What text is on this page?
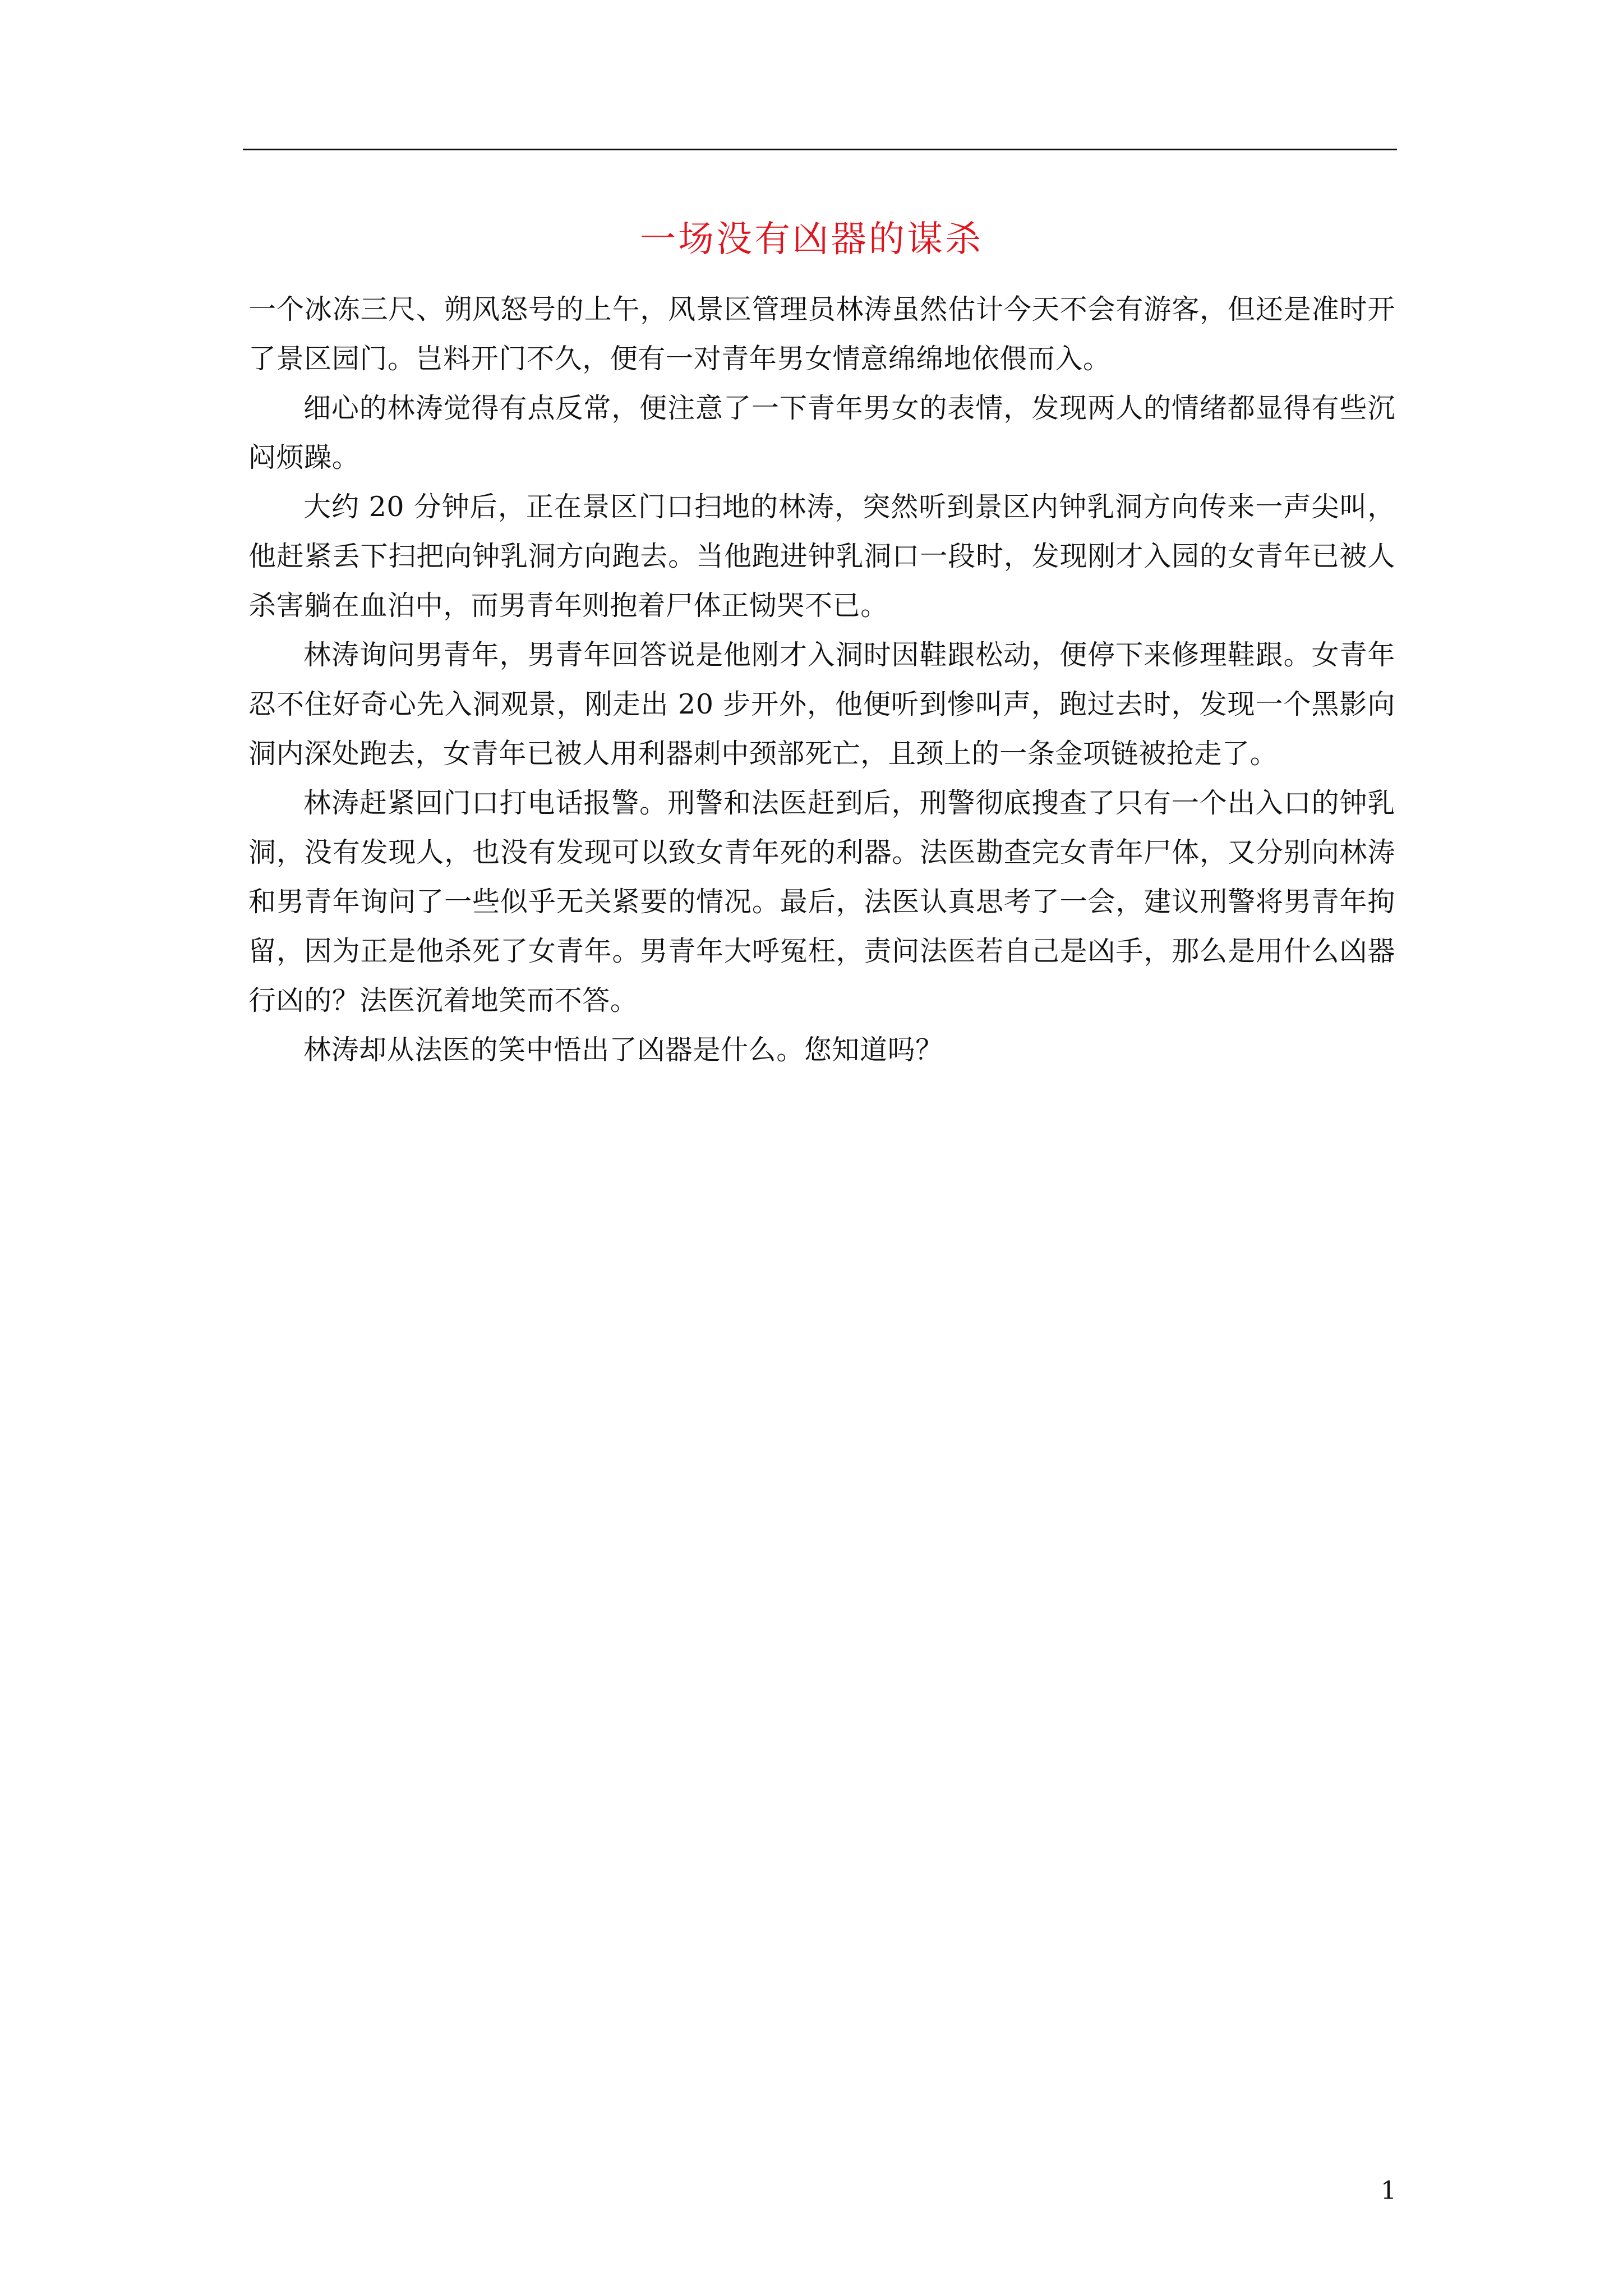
一场没有凶器的谋杀

一个冰冻三尺、朔风怒号的上午，风景区管理员林涛虽然估计今天不会有游客，但还是准时开了景区园门。岂料开门不久，便有一对青年男女情意绵绵地依偎而入。

细心的林涛觉得有点反常，便注意了一下青年男女的表情，发现两人的情绪都显得有些沉闷烦躁。

大约 20 分钟后，正在景区门口扫地的林涛，突然听到景区内钟乳洞方向传来一声尖叫，他赶紧丢下扫把向钟乳洞方向跑去。当他跑进钟乳洞口一段时，发现刚才入园的女青年已被人杀害躺在血泊中，而男青年则抱着尸体正恸哭不已。

林涛询问男青年，男青年回答说是他刚才入洞时因鞋跟松动，便停下来修理鞋跟。女青年忍不住好奇心先入洞观景，刚走出 20 步开外，他便听到惨叫声，跑过去时，发现一个黑影向洞内深处跑去，女青年已被人用利器刺中颈部死亡，且颈上的一条金项链被抢走了。

林涛赶紧回门口打电话报警。刑警和法医赶到后，刑警彻底搜查了只有一个出入口的钟乳洞，没有发现人，也没有发现可以致女青年死的利器。法医勘查完女青年尸体，又分别向林涛和男青年询问了一些似乎无关紧要的情况。最后，法医认真思考了一会，建议刑警将男青年拘留，因为正是他杀死了女青年。男青年大呼冤枉，责问法医若自己是凶手，那么是用什么凶器行凶的？法医沉着地笑而不答。

林涛却从法医的笑中悟出了凶器是什么。您知道吗？

1
